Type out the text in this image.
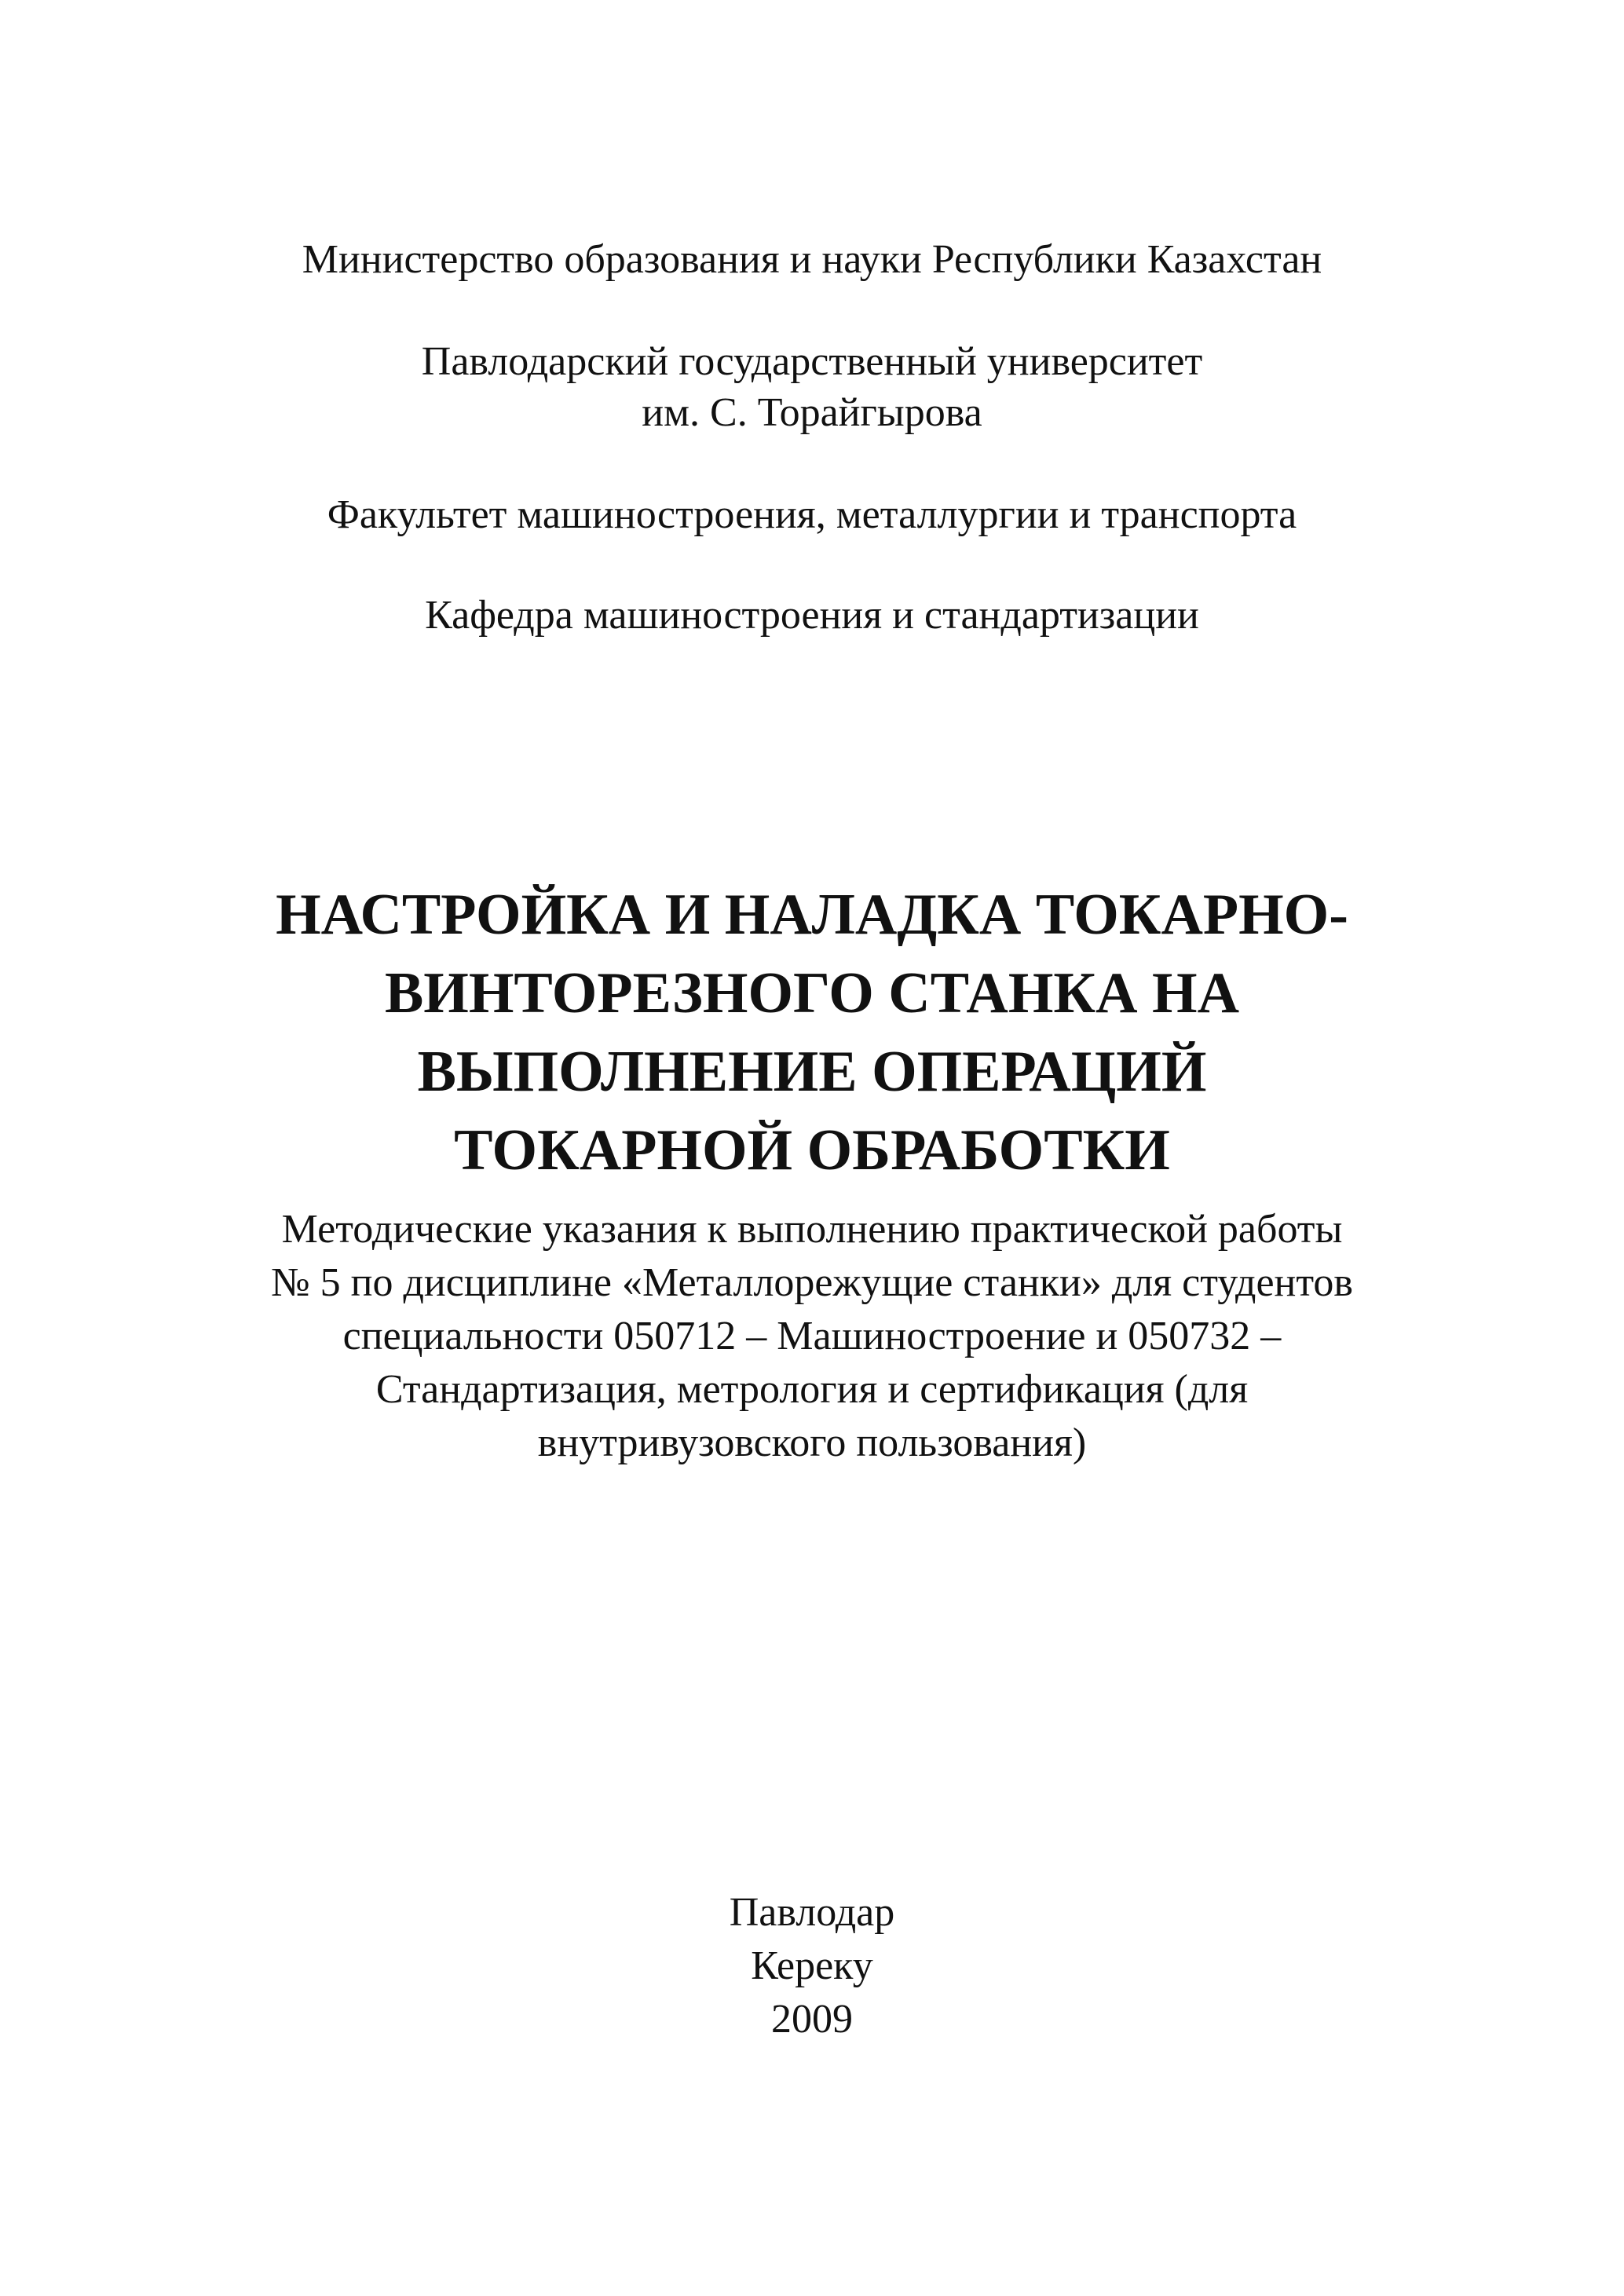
Министерство образования и науки Республики Казахстан
Павлодарский государственный университет
им. С. Торайгырова
Факультет машиностроения, металлургии и транспорта
Кафедра машиностроения и стандартизации
НАСТРОЙКА И НАЛАДКА ТОКАРНО-
ВИНТОРЕЗНОГО СТАНКА НА
ВЫПОЛНЕНИЕ ОПЕРАЦИЙ
ТОКАРНОЙ ОБРАБОТКИ
Методические указания к выполнению практической работы
№ 5 по дисциплине «Металлорежущие станки» для студентов
специальности 050712 – Машиностроение и 050732 –
Стандартизация, метрология и сертификация (для
внутривузовского пользования)
Павлодар
Кереку
2009
